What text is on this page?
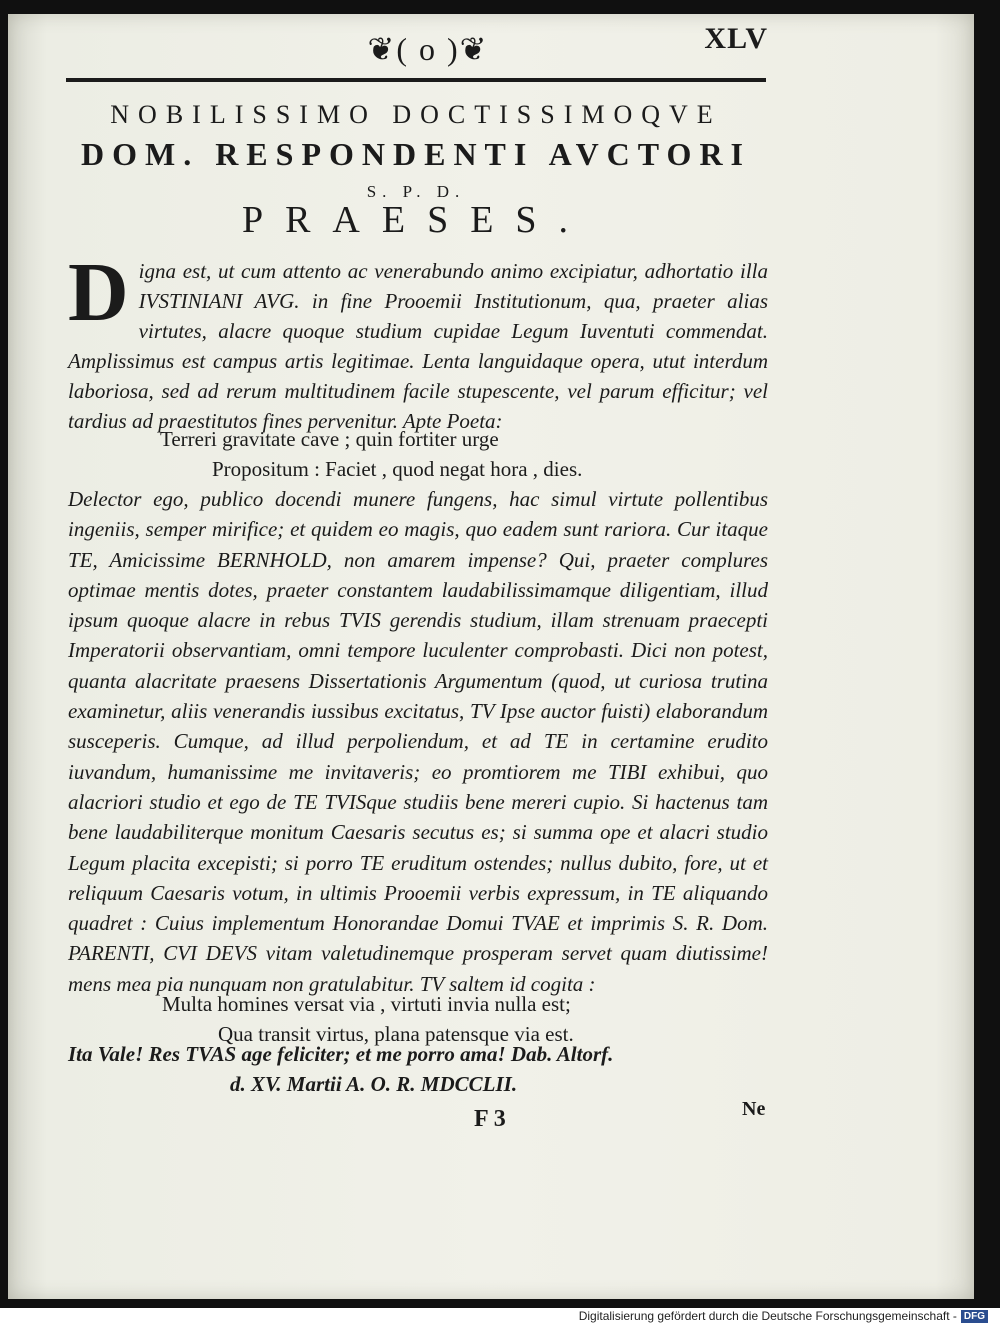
❦( o )❦	XLV
NOBILISSIMO DOCTISSIMOQVE
DOM. RESPONDENTI AVCTORI
S. P. D.
PRAESES.
D igna est, ut cum attento ac venerabundo animo excipiatur, adhortatio illa IVSTINIANI AVG. in fine Prooemii Institutionum, qua, praeter alias virtutes, alacre quoque studium cupidae Legum Iuventuti commendat. Amplissimus est campus artis legitimae. Lenta languidaque opera, utut interdum laboriosa, sed ad rerum multitudinem facile stupescente, vel parum efficitur; vel tardius ad praestitutos fines pervenitur. Apte Poeta:
Terreri gravitate cave ; quin fortiter urge
Propositum : Faciet , quod negat hora , dies.
Delector ego, publico docendi munere fungens, hac simul virtute pollentibus ingeniis, semper mirifice; et quidem eo magis, quo eadem sunt rariora. Cur itaque TE, Amicissime BERNHOLD, non amarem impense? Qui, praeter complures optimae mentis dotes, praeter constantem laudabilissimamque diligentiam, illud ipsum quoque alacre in rebus TVIS gerendis studium, illam strenuam praecepti Imperatorii observantiam, omni tempore luculenter comprobasti. Dici non potest, quanta alacritate praesens Dissertationis Argumentum (quod, ut curiosa trutina examinetur, aliis venerandis iussibus excitatus, TV Ipse auctor fuisti) elaborandum susceperis. Cumque, ad illud perpoliendum, et ad TE in certamine erudito iuvandum, humanissime me invitaveris; eo promtiorem me TIBI exhibui, quo alacriori studio et ego de TE TVISque studiis bene mereri cupio. Si hactenus tam bene laudabiliterque monitum Caesaris secutus es; si summa ope et alacri studio Legum placita excepisti; si porro TE eruditum ostendes; nullus dubito, fore, ut et reliquum Caesaris votum, in ultimis Prooemii verbis expressum, in TE aliquando quadret : Cuius implementum Honorandae Domui TVAE et imprimis S. R. Dom. PARENTI, CVI DEVS vitam valetudinemque prosperam servet quam diutissime! mens mea pia nunquam non gratulabitur. TV saltem id cogita :
Multa homines versat via , virtuti invia nulla est;
Qua transit virtus, plana patensque via est.
Ita Vale! Res TVAS age feliciter; et me porro ama! Dab. Altorf.
d. XV. Martii A. O. R. MDCCLII.
F 3	Ne
Digitalisierung gefördert durch die Deutsche Forschungsgemeinschaft - DFG
